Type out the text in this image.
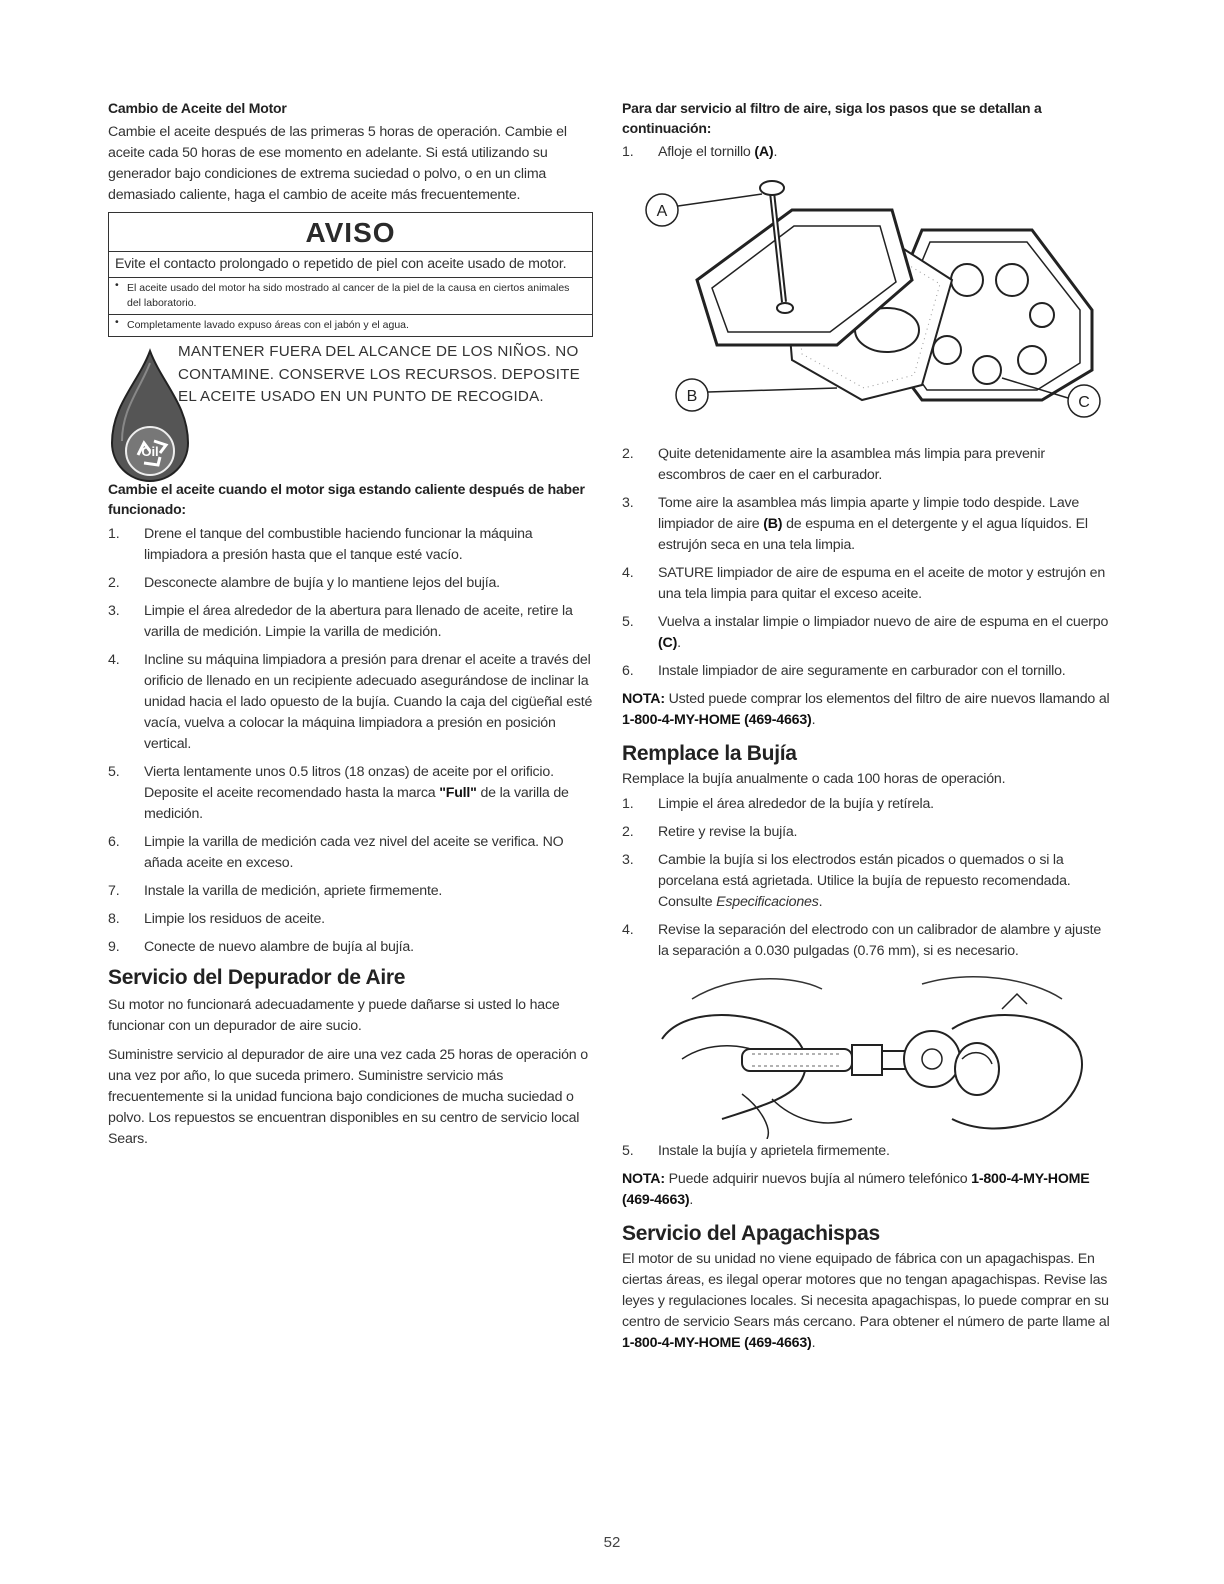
Cambio de Aceite del Motor

Cambie el aceite después de las primeras 5 horas de operación. Cambie el aceite cada 50 horas de ese momento en adelante. Si está utilizando su generador bajo condiciones de extrema suciedad o polvo, o en un clima demasiado caliente, haga el cambio de aceite más frecuentemente.

AVISO
Evite el contacto prolongado o repetido de piel con aceite usado de motor.
• El aceite usado del motor ha sido mostrado al cancer de la piel de la causa en ciertos animales del laboratorio.
• Completamente lavado expuso áreas con el jabón y el agua.
Oil
MANTENER FUERA DEL ALCANCE DE LOS NIÑOS. NO CONTAMINE. CONSERVE LOS RECURSOS. DEPOSITE EL ACEITE USADO EN UN PUNTO DE RECOGIDA.

Cambie el aceite cuando el motor siga estando caliente después de haber funcionado:

1. Drene el tanque del combustible haciendo funcionar la máquina limpiadora a presión hasta que el tanque esté vacío.
2. Desconecte alambre de bujía y lo mantiene lejos del bujía.
3. Limpie el área alrededor de la abertura para llenado de aceite, retire la varilla de medición. Limpie la varilla de medición.
4. Incline su máquina limpiadora a presión para drenar el aceite a través del orificio de llenado en un recipiente adecuado asegurándose de inclinar la unidad hacia el lado opuesto de la bujía. Cuando la caja del cigüeñal esté vacía, vuelva a colocar la máquina limpiadora a presión en posición vertical.
5. Vierta lentamente unos 0.5 litros (18 onzas) de aceite por el orificio. Deposite el aceite recomendado hasta la marca "Full" de la varilla de medición.
6. Limpie la varilla de medición cada vez nivel del aceite se verifica. NO añada aceite en exceso.
7. Instale la varilla de medición, apriete firmemente.
8. Limpie los residuos de aceite.
9. Conecte de nuevo alambre de bujía al bujía.

Servicio del Depurador de Aire

Su motor no funcionará adecuadamente y puede dañarse si usted lo hace funcionar con un depurador de aire sucio.

Suministre servicio al depurador de aire una vez cada 25 horas de operación o una vez por año, lo que suceda primero. Suministre servicio más frecuentemente si la unidad funciona bajo condiciones de mucha suciedad o polvo. Los repuestos se encuentran disponibles en su centro de servicio local Sears.

Para dar servicio al filtro de aire, siga los pasos que se detallan a continuación:

1. Afloje el tornillo (A).
A
B	C
2. Quite detenidamente aire la asamblea más limpia para prevenir escombros de caer en el carburador.
3. Tome aire la asamblea más limpia aparte y limpie todo despide. Lave limpiador de aire (B) de espuma en el detergente y el agua líquidos. El estrujón seca en una tela limpia.
4. SATURE limpiador de aire de espuma en el aceite de motor y estrujón en una tela limpia para quitar el exceso aceite.
5. Vuelva a instalar limpie o limpiador nuevo de aire de espuma en el cuerpo (C).
6. Instale limpiador de aire seguramente en carburador con el tornillo.

NOTA: Usted puede comprar los elementos del filtro de aire nuevos llamando al 1-800-4-MY-HOME (469-4663).

Remplace la Bujía

Remplace la bujía anualmente o cada 100 horas de operación.

1. Limpie el área alrededor de la bujía y retírela.
2. Retire y revise la bujía.
3. Cambie la bujía si los electrodos están picados o quemados o si la porcelana está agrietada. Utilice la bujía de repuesto recomendada. Consulte Especificaciones.
4. Revise la separación del electrodo con un calibrador de alambre y ajuste la separación a 0.030 pulgadas (0.76 mm), si es necesario.
5. Instale la bujía y aprietela firmemente.

NOTA: Puede adquirir nuevos bujía al número telefónico 1-800-4-MY-HOME (469-4663).

Servicio del Apagachispas

El motor de su unidad no viene equipado de fábrica con un apagachispas. En ciertas áreas, es ilegal operar motores que no tengan apagachispas. Revise las leyes y regulaciones locales. Si necesita apagachispas, lo puede comprar en su centro de servicio Sears más cercano. Para obtener el número de parte llame al 1-800-4-MY-HOME (469-4663).

52
